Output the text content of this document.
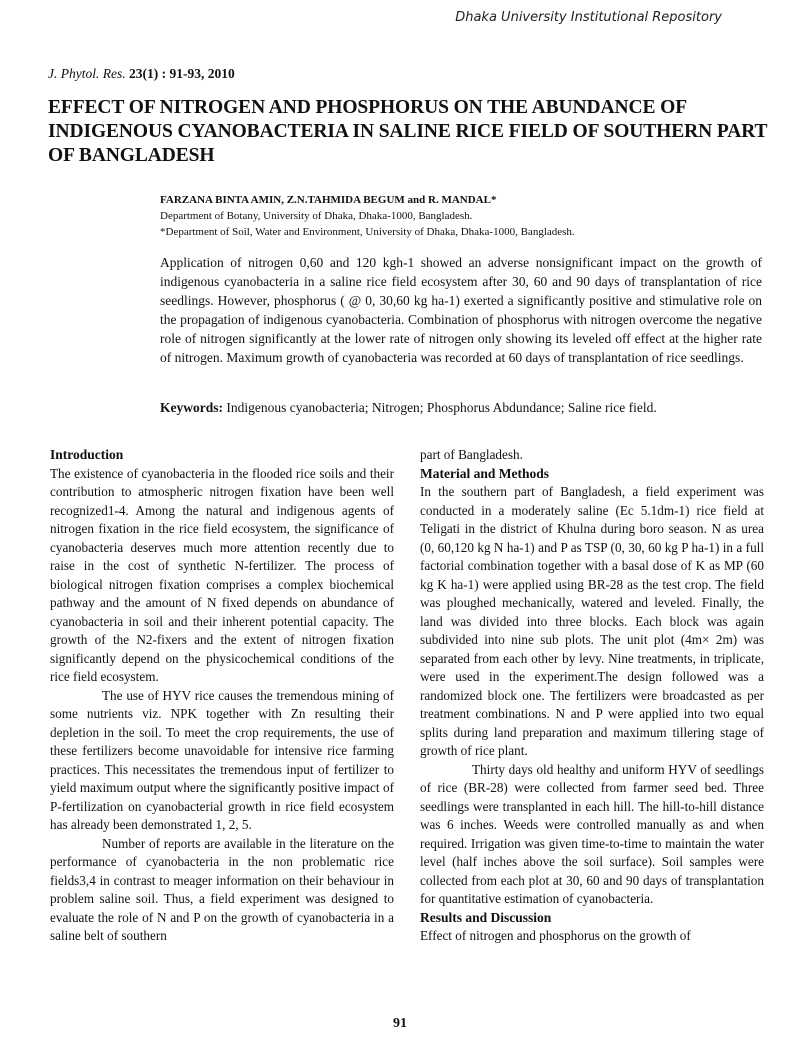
Dhaka University Institutional Repository
J. Phytol. Res. 23(1) : 91-93, 2010
EFFECT OF NITROGEN AND PHOSPHORUS ON THE ABUNDANCE OF INDIGENOUS CYANOBACTERIA IN SALINE RICE FIELD OF SOUTHERN PART OF BANGLADESH
FARZANA BINTA AMIN, Z.N.TAHMIDA BEGUM and R. MANDAL*
Department of Botany, University of Dhaka, Dhaka-1000, Bangladesh.
*Department of Soil, Water and Environment, University of Dhaka, Dhaka-1000, Bangladesh.
Application of nitrogen 0,60 and 120 kgh-1 showed an adverse nonsignificant impact on the growth of indigenous cyanobacteria in a saline rice field ecosystem after 30, 60 and 90 days of transplantation of rice seedlings. However, phosphorus ( @ 0, 30,60 kg ha-1) exerted a significantly positive and stimulative role on the propagation of indigenous cyanobacteria. Combination of phosphorus with nitrogen overcome the negative role of nitrogen significantly at the lower rate of nitrogen only showing its leveled off effect at the higher rate of nitrogen. Maximum growth of cyanobacteria was recorded at 60 days of transplantation of rice seedlings.
Keywords: Indigenous cyanobacteria; Nitrogen; Phosphorus Abdundance; Saline rice field.
Introduction

The existence of cyanobacteria in the flooded rice soils and their contribution to atmospheric nitrogen fixation have been well recognized1-4. Among the natural and indigenous agents of nitrogen fixation in the rice field ecosystem, the significance of cyanobacteria deserves much more attention recently due to raise in the cost of synthetic N-fertilizer. The process of biological nitrogen fixation comprises a complex biochemical pathway and the amount of N fixed depends on abundance of cyanobacteria in soil and their inherent potential capacity. The growth of the N2-fixers and the extent of nitrogen fixation significantly depend on the physicochemical conditions of the rice field ecosystem.

The use of HYV rice causes the tremendous mining of some nutrients viz. NPK together with Zn resulting their depletion in the soil. To meet the crop requirements, the use of these fertilizers become unavoidable for intensive rice farming practices. This necessitates the tremendous input of fertilizer to yield maximum output where the significantly positive impact of P-fertilization on cyanobacterial growth in rice field ecosystem has already been demonstrated 1, 2, 5.

Number of reports are available in the literature on the performance of cyanobacteria in the non problematic rice fields3,4 in contrast to meager information on their behaviour in problem saline soil. Thus, a field experiment was designed to evaluate the role of N and P on the growth of cyanobacteria in a saline belt of southern

part of Bangladesh.

Material and Methods

In the southern part of Bangladesh, a field experiment was conducted in a moderately saline (Ec 5.1dm-1) rice field at Teligati in the district of Khulna during boro season. N as urea (0, 60,120 kg N ha-1) and P as TSP (0, 30, 60 kg P ha-1) in a full factorial combination together with a basal dose of K as MP (60 kg K ha-1) were applied using BR-28 as the test crop. The field was ploughed mechanically, watered and leveled. Finally, the land was divided into three blocks. Each block was again subdivided into nine sub plots. The unit plot (4m× 2m) was separated from each other by levy. Nine treatments, in triplicate, were used in the experiment.The design followed was a randomized block one. The fertilizers were broadcasted as per treatment combinations. N and P were applied into two equal splits during land preparation and maximum tillering stage of growth of rice plant.

Thirty days old healthy and uniform HYV of seedlings of rice (BR-28) were collected from farmer seed bed. Three seedlings were transplanted in each hill. The hill-to-hill distance was 6 inches. Weeds were controlled manually as and when required. Irrigation was given time-to-time to maintain the water level (half inches above the soil surface). Soil samples were collected from each plot at 30, 60 and 90 days of transplantation for quantitative estimation of cyanobacteria.

Results and Discussion

Effect of nitrogen and phosphorus on the growth of

91
